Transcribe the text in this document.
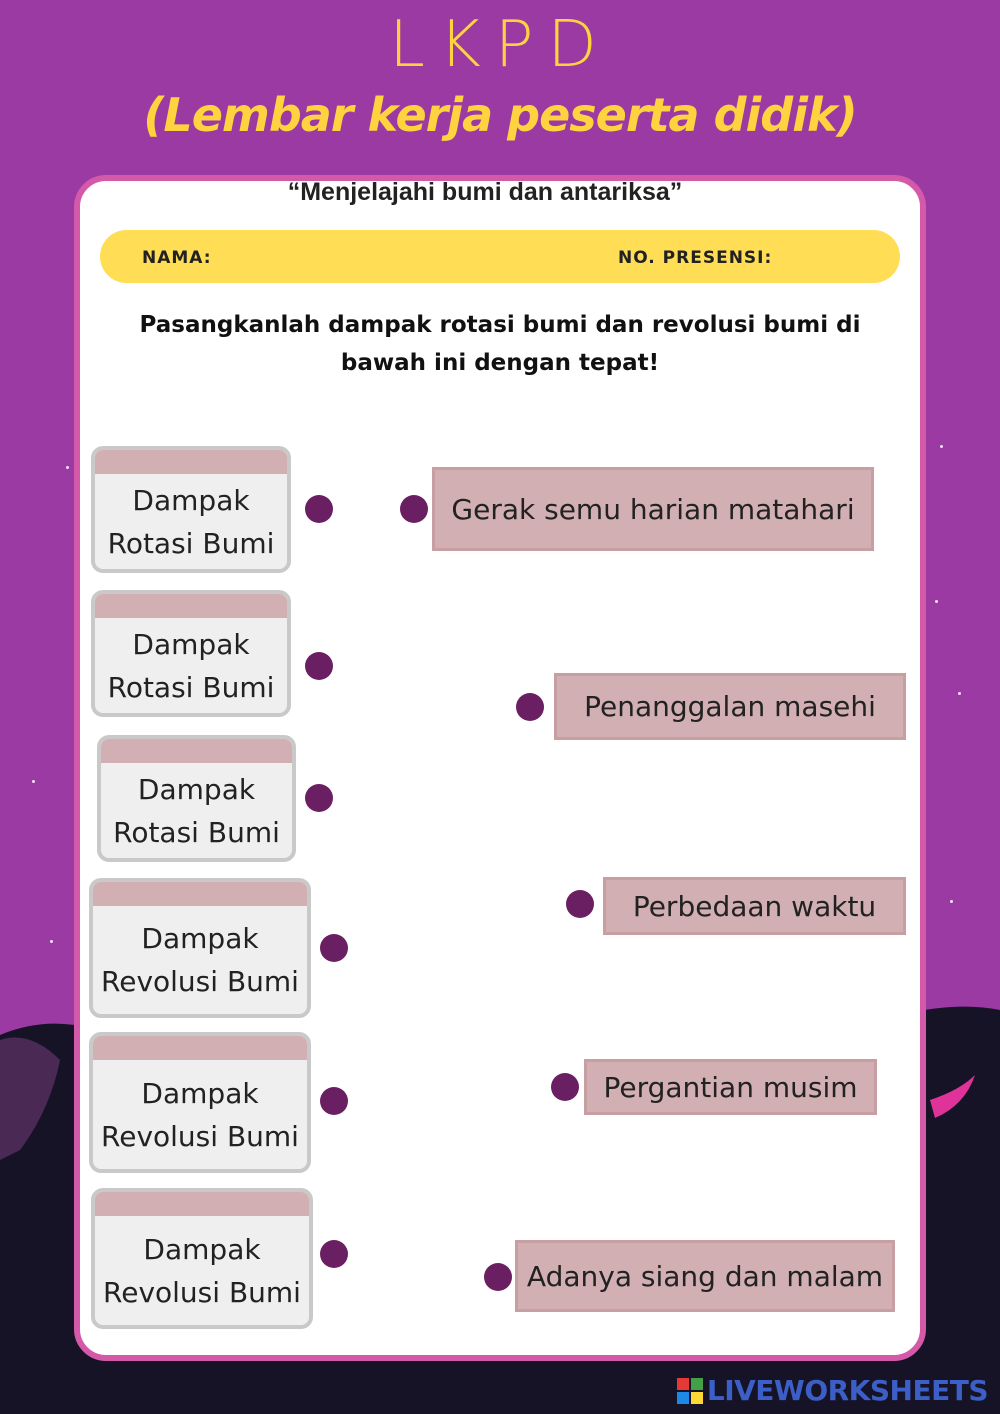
LKPD
(Lembar kerja peserta didik)
“Menjelajahi bumi dan antariksa”
NAMA:	NO. PRESENSI:
Pasangkanlah dampak rotasi bumi dan revolusi bumi di bawah ini dengan tepat!
Dampak Rotasi Bumi
Dampak Rotasi Bumi
Dampak Rotasi Bumi
Dampak Revolusi Bumi
Dampak Revolusi Bumi
Dampak Revolusi Bumi
Gerak semu harian matahari
Penanggalan masehi
Perbedaan waktu
Pergantian musim
Adanya siang dan malam
LIVEWORKSHEETS
